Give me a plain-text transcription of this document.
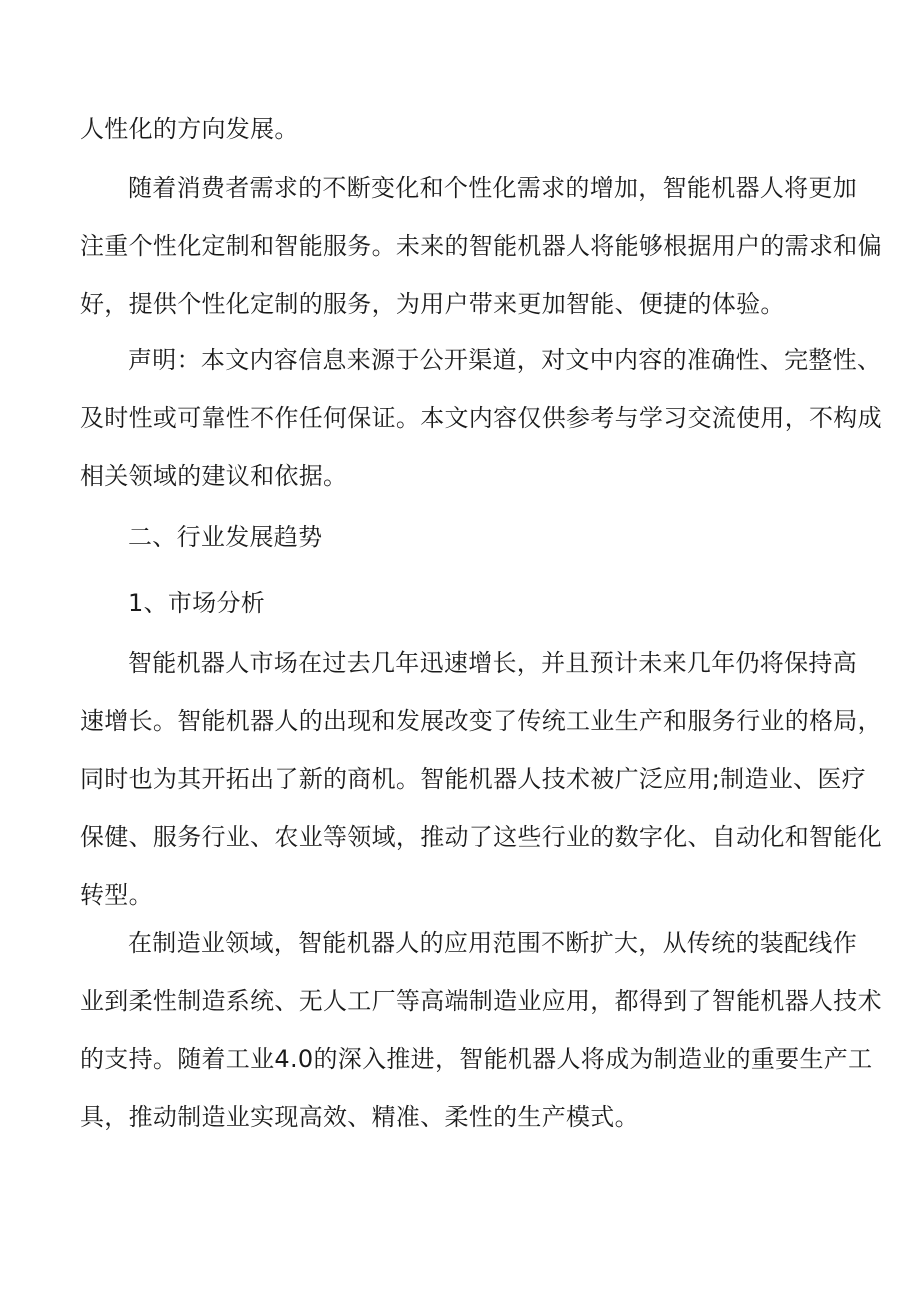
人性化的方向发展。
随着消费者需求的不断变化和个性化需求的增加，智能机器人将更加
注重个性化定制和智能服务。未来的智能机器人将能够根据用户的需求和偏
好，提供个性化定制的服务，为用户带来更加智能、便捷的体验。
声明：本文内容信息来源于公开渠道，对文中内容的准确性、完整性、
及时性或可靠性不作任何保证。本文内容仅供参考与学习交流使用，不构成
相关领域的建议和依据。
二、行业发展趋势
1、市场分析
智能机器人市场在过去几年迅速增长，并且预计未来几年仍将保持高
速增长。智能机器人的出现和发展改变了传统工业生产和服务行业的格局，
同时也为其开拓出了新的商机。智能机器人技术被广泛应用;制造业、医疗
保健、服务行业、农业等领域，推动了这些行业的数字化、自动化和智能化
转型。
在制造业领域，智能机器人的应用范围不断扩大，从传统的装配线作
业到柔性制造系统、无人工厂等高端制造业应用，都得到了智能机器人技术
的支持。随着工业4.0的深入推进，智能机器人将成为制造业的重要生产工
具，推动制造业实现高效、精准、柔性的生产模式。
